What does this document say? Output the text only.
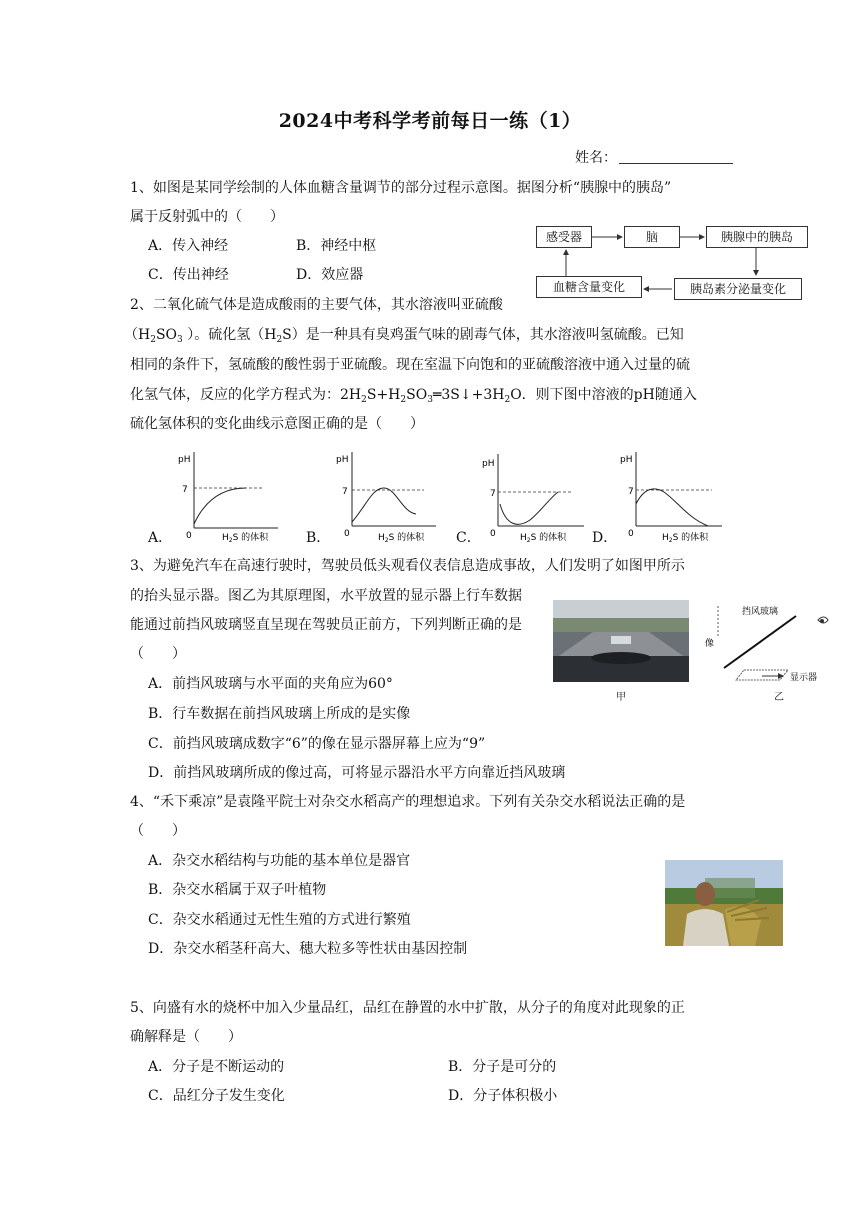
2024中考科学考前每日一练（1）
姓名：
1、如图是某同学绘制的人体血糖含量调节的部分过程示意图。据图分析“胰腺中的胰岛”
属于反射弧中的（　　）
A．传入神经	B．神经中枢
C．传出神经	D．效应器
感受器	脑	胰腺中的胰岛
胰岛素分泌量变化
血糖含量变化
2、二氧化硫气体是造成酸雨的主要气体，其水溶液叫亚硫酸
（$H_2SO_3$ ）。硫化氢$(H_2S)$是一种具有臭鸡蛋气味的剧毒气体，其水溶液叫氢硫酸。已知
相同的条件下，氢硫酸的酸性弱于亚硫酸。现在室温下向饱和的亚硫酸溶液中通入过量的硫
化氢气体，反应的化学方程式为：$2H_2S+H_2SO_3═3S↓+3H_2O$．则下图中溶液的pH随通入
硫化氢体积的变化曲线示意图正确的是（　　）
A．	B．	C．	D．
pH
7
0	$H_2S$ 的体积
pH
7
0	$H_2S$ 的体积
pH
7
0	$H_2S$ 的体积
pH
7
0	$H_2S$ 的体积
3、为避免汽车在高速行驶时，驾驶员低头观看仪表信息造成事故，人们发明了如图甲所示
的抬头显示器。图乙为其原理图，水平放置的显示器上行车数据
能通过前挡风玻璃竖直呈现在驾驶员正前方，下列判断正确的是
（　　）
A．前挡风玻璃与水平面的夹角应为60°
B．行车数据在前挡风玻璃上所成的是实像
C．前挡风玻璃成数字“6”的像在显示器屏幕上应为“9”
D．前挡风玻璃所成的像过高，可将显示器沿水平方向靠近挡风玻璃
甲
挡风玻璃
像
显示器
乙
4、“禾下乘凉”是袁隆平院士对杂交水稻高产的理想追求。下列有关杂交水稻说法正确的是
（　　）
A．杂交水稻结构与功能的基本单位是器官
B．杂交水稻属于双子叶植物
C．杂交水稻通过无性生殖的方式进行繁殖
D．杂交水稻茎秆高大、穗大粒多等性状由基因控制
5、向盛有水的烧杯中加入少量品红，品红在静置的水中扩散，从分子的角度对此现象的正
确解释是（　　）
A．分子是不断运动的	B．分子是可分的
C．品红分子发生变化	D．分子体积极小
